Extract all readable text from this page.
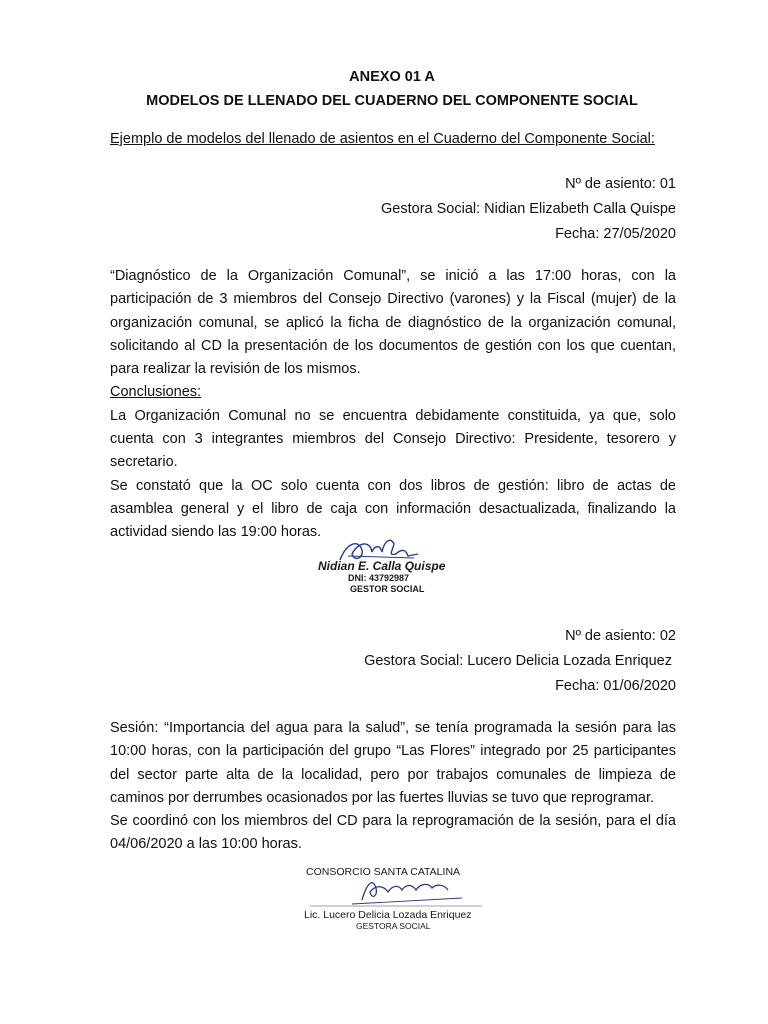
ANEXO 01 A
MODELOS DE LLENADO DEL CUADERNO DEL COMPONENTE SOCIAL
Ejemplo de modelos del llenado de asientos en el Cuaderno del Componente Social:
Nº de asiento: 01
Gestora Social: Nidian Elizabeth Calla Quispe
Fecha: 27/05/2020

“Diagnóstico de la Organización Comunal”, se inició a las 17:00 horas, con la participación de 3 miembros del Consejo Directivo (varones) y la Fiscal (mujer) de la organización comunal, se aplicó la ficha de diagnóstico de la organización comunal, solicitando al CD la presentación de los documentos de gestión con los que cuentan, para realizar la revisión de los mismos.

Conclusiones:

La Organización Comunal no se encuentra debidamente constituida, ya que, solo cuenta con 3 integrantes miembros del Consejo Directivo: Presidente, tesorero y secretario.

Se constató que la OC solo cuenta con dos libros de gestión: libro de actas de asamblea general y el libro de caja con información desactualizada, finalizando la actividad siendo las 19:00 horas.

Nidian E. Calla Quispe
DNI: 43792987
GESTOR SOCIAL
Nº de asiento: 02
Gestora Social: Lucero Delicia Lozada Enriquez
Fecha: 01/06/2020

Sesión: “Importancia del agua para la salud”, se tenía programada la sesión para las 10:00 horas, con la participación del grupo “Las Flores” integrado por 25 participantes del sector parte alta de la localidad, pero por trabajos comunales de limpieza de caminos por derrumbes ocasionados por las fuertes lluvias se tuvo que reprogramar.

Se coordinó con los miembros del CD para la reprogramación de la sesión, para el día 04/06/2020 a las 10:00 horas.

CONSORCIO SANTA CATALINA
Lic. Lucero Delicia Lozada Enriquez
GESTORA SOCIAL
